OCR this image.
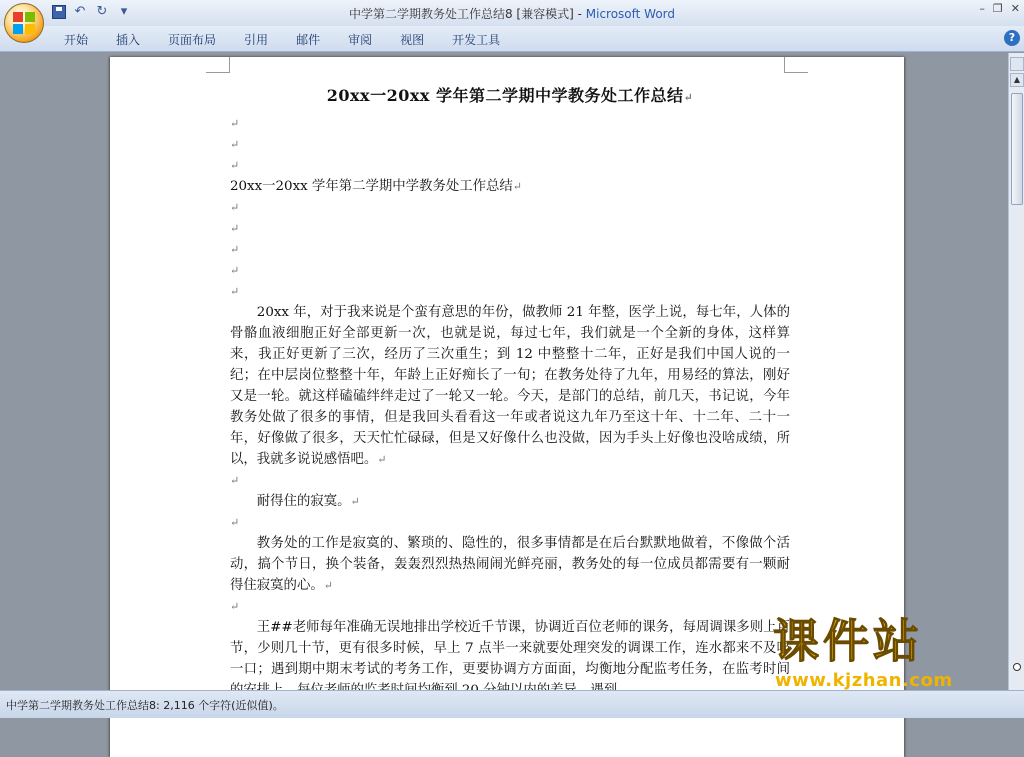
↶ ↻	▾	中学第二学期教务处工作总结8 [兼容模式] - Microsoft Word	– ❐ ✕
开始	插入	页面布局	引用	邮件	审阅	视图	开发工具	?
20xx一20xx 学年第二学期中学教务处工作总结↵
↵
↵
↵
20xx一20xx 学年第二学期中学教务处工作总结↵
↵
↵
↵
↵
↵
20xx 年，对于我来说是个蛮有意思的年份，做教师 21 年整，医学上说，每七年，人体的骨骼血液细胞正好全部更新一次，也就是说，每过七年，我们就是一个全新的身体，这样算来，我正好更新了三次，经历了三次重生；到 12 中整整十二年，正好是我们中国人说的一纪；在中层岗位整整十年，年龄上正好痴长了一旬；在教务处待了九年，用易经的算法，刚好又是一轮。就这样磕磕绊绊走过了一轮又一轮。今天，是部门的总结，前几天，书记说，今年教务处做了很多的事情，但是我回头看看这一年或者说这九年乃至这十年、十二年、二十一年，好像做了很多，天天忙忙碌碌，但是又好像什么也没做，因为手头上好像也没啥成绩，所以，我就多说说感悟吧。↵
↵
耐得住的寂寞。↵
↵
教务处的工作是寂寞的、繁琐的、隐性的，很多事情都是在后台默默地做着，不像做个活动，搞个节日，换个装备，轰轰烈烈热热闹闹光鲜亮丽，教务处的每一位成员都需要有一颗耐得住寂寞的心。↵
↵
王##老师每年准确无误地排出学校近千节课，协调近百位老师的课务，每周调课多则上百节，少则几十节，更有很多时候，早上 7 点半一来就要处理突发的调课工作，连水都来不及喝一口；遇到期中期末考试的考务工作，更要协调方方面面，均衡地分配监考任务，在监考时间
▲
中学第二学期教务处工作总结8: 2,116 个字符(近似值)。
课件站
www.kjzhan.com
